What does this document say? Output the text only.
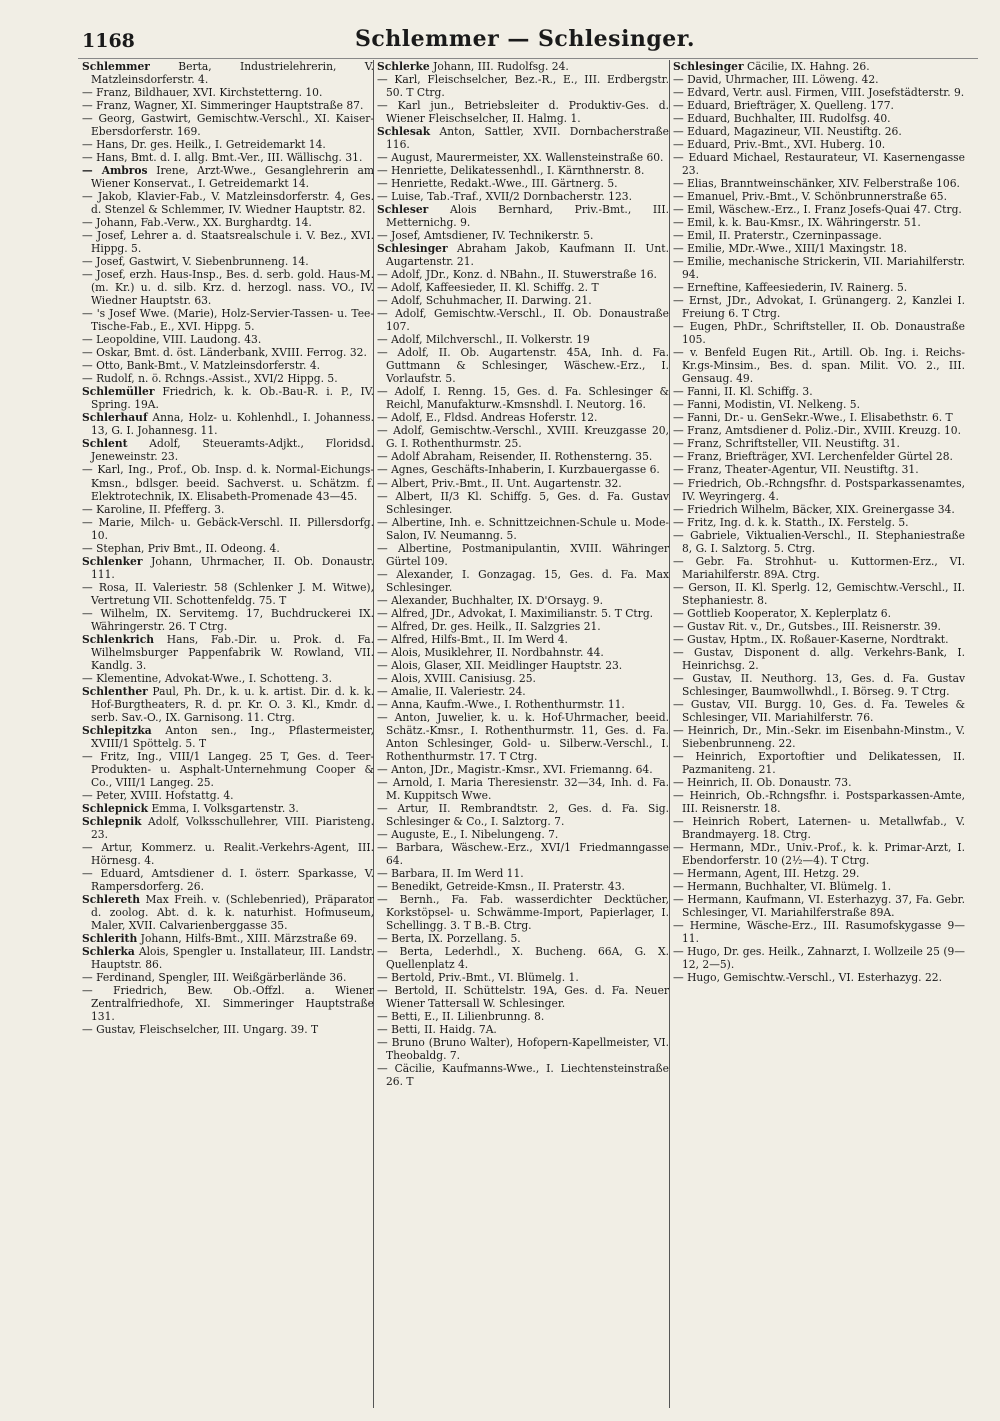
1168	Schlemmer — Schlesinger.
Schlemmer Berta, Industrielehrerin, V. Matzleinsdorferstr. 4.
— Franz, Bildhauer, XVI. Kirchstetterng. 10.
— Franz, Wagner, XI. Simmeringer Hauptstraße 87.
— Georg, Gastwirt, Gemischtw.-Verschl., XI. Kaiser-Ebersdorferstr. 169.
— Hans, Dr. ges. Heilk., I. Getreidemarkt 14.
— Hans, Bmt. d. I. allg. Bmt.-Ver., III. Wällischg. 31.
— Ambros Irene, Arzt-Wwe., Gesanglehrerin am Wiener Konservat., I. Getreidemarkt 14.
— Jakob, Klavier-Fab., V. Matzleinsdorferstr. 4, Ges. d. Stenzel & Schlemmer, IV. Wiedner Hauptstr. 82.
— Johann, Fab.-Verw., XX. Burghardtg. 14.
— Josef, Lehrer a. d. Staatsrealschule i. V. Bez., XVI. Hippg. 5.
— Josef, Gastwirt, V. Siebenbrunneng. 14.
— Josef, erzh. Haus-Insp., Bes. d. serb. gold. Haus-M. (m. Kr.) u. d. silb. Krz. d. herzogl. nass. VO., IV. Wiedner Hauptstr. 63.
— 's Josef Wwe. (Marie), Holz-Servier-Tassen- u. Tee-Tische-Fab., E., XVI. Hippg. 5.
— Leopoldine, VIII. Laudong. 43.
— Oskar, Bmt. d. öst. Länderbank, XVIII. Ferrog. 32.
— Otto, Bank-Bmt., V. Matzleinsdorferstr. 4.
— Rudolf, n. ö. Rchngs.-Assist., XVI/2 Hippg. 5.
Schlemüller Friedrich, k. k. Ob.-Bau-R. i. P., IV. Spring. 19A.
Schlerhauf Anna, Holz- u. Kohlenhdl., I. Johanness. 13, G. I. Johannesg. 11.
Schlent Adolf, Steueramts-Adjkt., Floridsd. Jeneweinstr. 23.
— Karl, Ing., Prof., Ob. Insp. d. k. Normal-Eichungs-Kmsn., bdlsger. beeid. Sachverst. u. Schätzm. f. Elektrotechnik, IX. Elisabeth-Promenade 43—45.
— Karoline, II. Pfefferg. 3.
— Marie, Milch- u. Gebäck-Verschl. II. Pillersdorfg. 10.
— Stephan, Priv Bmt., II. Odeong. 4.
Schlenker Johann, Uhrmacher, II. Ob. Donaustr. 111.
— Rosa, II. Valeriestr. 58 (Schlenker J. M. Witwe), Vertretung VII. Schottenfeldg. 75. T
— Wilhelm, IX. Servitemg. 17, Buchdruckerei IX. Währingerstr. 26. T Ctrg.
Schlenkrich Hans, Fab.-Dir. u. Prok. d. Fa. Wilhelmsburger Pappenfabrik W. Rowland, VII. Kandlg. 3.
— Klementine, Advokat-Wwe., I. Schotteng. 3.
Schlenther Paul, Ph. Dr., k. u. k. artist. Dir. d. k. k. Hof-Burgtheaters, R. d. pr. Kr. O. 3. Kl., Kmdr. d. serb. Sav.-O., IX. Garnisong. 11. Ctrg.
Schlepitzka Anton sen., Ing., Pflastermeister, XVIII/1 Spöttelg. 5. T
— Fritz, Ing., VIII/1 Langeg. 25 T, Ges. d. Teer-Produkten- u. Asphalt-Unternehmung Cooper & Co., VIII/1 Langeg. 25.
— Peter, XVIII. Hofstattg. 4.
Schlepnick Emma, I. Volksgartenstr. 3.
Schlepnik Adolf, Volksschullehrer, VIII. Piaristeng. 23.
— Artur, Kommerz. u. Realit.-Verkehrs-Agent, III. Hörnesg. 4.
— Eduard, Amtsdiener d. I. österr. Sparkasse, V. Rampersdorferg. 26.
Schlereth Max Freih. v. (Schlebenried), Präparator d. zoolog. Abt. d. k. k. naturhist. Hofmuseum, Maler, XVII. Calvarienberggasse 35.
Schlerith Johann, Hilfs-Bmt., XIII. Märzstraße 69.
Schlerka Alois, Spengler u. Installateur, III. Landstr. Hauptstr. 86.
— Ferdinand, Spengler, III. Weißgärberlände 36.
— Friedrich, Bew. Ob.-Offzl. a. Wiener Zentralfriedhofe, XI. Simmeringer Hauptstraße 131.
— Gustav, Fleischselcher, III. Ungarg. 39. T
Schlerke Johann, III. Rudolfsg. 24.
— Karl, Fleischselcher, Bez.-R., E., III. Erdbergstr. 50. T Ctrg.
— Karl jun., Betriebsleiter d. Produktiv-Ges. d. Wiener Fleischselcher, II. Halmg. 1.
Schlesak Anton, Sattler, XVII. Dornbacherstraße 116.
— August, Maurermeister, XX. Wallensteinstraße 60.
— Henriette, Delikatessenhdl., I. Kärnthnerstr. 8.
— Henriette, Redakt.-Wwe., III. Gärtnerg. 5.
— Luise, Tab.-Traf., XVII/2 Dornbacherstr. 123.
Schleser Alois Bernhard, Priv.-Bmt., III. Metternichg. 9.
— Josef, Amtsdiener, IV. Technikerstr. 5.
Schlesinger Abraham Jakob, Kaufmann II. Unt. Augartenstr. 21.
— Adolf, JDr., Konz. d. NBahn., II. Stuwerstraße 16.
— Adolf, Kaffeesieder, II. Kl. Schiffg. 2. T
— Adolf, Schuhmacher, II. Darwing. 21.
— Adolf, Gemischtw.-Verschl., II. Ob. Donaustraße 107.
— Adolf, Milchverschl., II. Volkerstr. 19
— Adolf, II. Ob. Augartenstr. 45A, Inh. d. Fa. Guttmann & Schlesinger, Wäschew.-Erz., I. Vorlaufstr. 5.
— Adolf, I. Renng. 15, Ges. d. Fa. Schlesinger & Reichl, Manufakturw.-Kmsnshdl. I. Neutorg. 16.
— Adolf, E., Fldsd. Andreas Hoferstr. 12.
— Adolf, Gemischtw.-Verschl., XVIII. Kreuzgasse 20, G. I. Rothenthurmstr. 25.
— Adolf Abraham, Reisender, II. Rothensterng. 35.
— Agnes, Geschäfts-Inhaberin, I. Kurzbauergasse 6.
— Albert, Priv.-Bmt., II. Unt. Augartenstr. 32.
— Albert, II/3 Kl. Schiffg. 5, Ges. d. Fa. Gustav Schlesinger.
— Albertine, Inh. e. Schnittzeichnen-Schule u. Mode-Salon, IV. Neumanng. 5.
— Albertine, Postmanipulantin, XVIII. Währinger Gürtel 109.
— Alexander, I. Gonzagag. 15, Ges. d. Fa. Max Schlesinger.
— Alexander, Buchhalter, IX. D'Orsayg. 9.
— Alfred, JDr., Advokat, I. Maximilianstr. 5. T Ctrg.
— Alfred, Dr. ges. Heilk., II. Salzgries 21.
— Alfred, Hilfs-Bmt., II. Im Werd 4.
— Alois, Musiklehrer, II. Nordbahnstr. 44.
— Alois, Glaser, XII. Meidlinger Hauptstr. 23.
— Alois, XVIII. Canisiusg. 25.
— Amalie, II. Valeriestr. 24.
— Anna, Kaufm.-Wwe., I. Rothenthurmstr. 11.
— Anton, Juwelier, k. u. k. Hof-Uhrmacher, beeid. Schätz.-Kmsr., I. Rothenthurmstr. 11, Ges. d. Fa. Anton Schlesinger, Gold- u. Silberw.-Verschl., I. Rothenthurmstr. 17. T Ctrg.
— Anton, JDr., Magistr.-Kmsr., XVI. Friemanng. 64.
— Arnold, I. Maria Theresienstr. 32—34, Inh. d. Fa. M. Kuppitsch Wwe.
— Artur, II. Rembrandtstr. 2, Ges. d. Fa. Sig. Schlesinger & Co., I. Salztorg. 7.
— Auguste, E., I. Nibelungeng. 7.
— Barbara, Wäschew.-Erz., XVI/1 Friedmanngasse 64.
— Barbara, II. Im Werd 11.
— Benedikt, Getreide-Kmsn., II. Praterstr. 43.
— Bernh., Fa. Fab. wasserdichter Decktücher, Korkstöpsel- u. Schwämme-Import, Papierlager, I. Schellingg. 3. T B.-B. Ctrg.
— Berta, IX. Porzellang. 5.
— Berta, Lederhdl., X. Bucheng. 66A, G. X. Quellenplatz 4.
— Bertold, Priv.-Bmt., VI. Blümelg. 1.
— Bertold, II. Schüttelstr. 19A, Ges. d. Fa. Neuer Wiener Tattersall W. Schlesinger.
— Betti, E., II. Lilienbrunng. 8.
— Betti, II. Haidg. 7A.
— Bruno (Bruno Walter), Hofopern-Kapellmeister, VI. Theobaldg. 7.
— Cäcilie, Kaufmanns-Wwe., I. Liechtensteinstraße 26. T
Schlesinger Cäcilie, IX. Hahng. 26.
— David, Uhrmacher, III. Löweng. 42.
— Edvard, Vertr. ausl. Firmen, VIII. Josefstädterstr. 9.
— Eduard, Briefträger, X. Quelleng. 177.
— Eduard, Buchhalter, III. Rudolfsg. 40.
— Eduard, Magazineur, VII. Neustiftg. 26.
— Eduard, Priv.-Bmt., XVI. Huberg. 10.
— Eduard Michael, Restaurateur, VI. Kasernengasse 23.
— Elias, Branntweinschänker, XIV. Felberstraße 106.
— Emanuel, Priv.-Bmt., V. Schönbrunnerstraße 65.
— Emil, Wäschew.-Erz., I. Franz Josefs-Quai 47. Ctrg.
— Emil, k. k. Bau-Kmsr., IX. Währingerstr. 51.
— Emil, II. Praterstr., Czerninpassage.
— Emilie, MDr.-Wwe., XIII/1 Maxingstr. 18.
— Emilie, mechanische Strickerin, VII. Mariahilferstr. 94.
— Erneftine, Kaffeesiederin, IV. Rainerg. 5.
— Ernst, JDr., Advokat, I. Grünangerg. 2, Kanzlei I. Freiung 6. T Ctrg.
— Eugen, PhDr., Schriftsteller, II. Ob. Donaustraße 105.
— v. Benfeld Eugen Rit., Artill. Ob. Ing. i. Reichs-Kr.gs-Minsim., Bes. d. span. Milit. VO. 2., III. Gensaug. 49.
— Fanni, II. Kl. Schiffg. 3.
— Fanni, Modistin, VI. Nelkeng. 5.
— Fanni, Dr.- u. GenSekr.-Wwe., I. Elisabethstr. 6. T
— Franz, Amtsdiener d. Poliz.-Dir., XVIII. Kreuzg. 10.
— Franz, Schriftsteller, VII. Neustiftg. 31.
— Franz, Briefträger, XVI. Lerchenfelder Gürtel 28.
— Franz, Theater-Agentur, VII. Neustiftg. 31.
— Friedrich, Ob.-Rchngsfhr. d. Postsparkassenamtes, IV. Weyringerg. 4.
— Friedrich Wilhelm, Bäcker, XIX. Greinergasse 34.
— Fritz, Ing. d. k. k. Statth., IX. Ferstelg. 5.
— Gabriele, Viktualien-Verschl., II. Stephaniestraße 8, G. I. Salztorg. 5. Ctrg.
— Gebr. Fa. Strohhut- u. Kuttormen-Erz., VI. Mariahilferstr. 89A. Ctrg.
— Gerson, II. Kl. Sperlg. 12, Gemischtw.-Verschl., II. Stephaniestr. 8.
— Gottlieb Kooperator, X. Keplerplatz 6.
— Gustav Rit. v., Dr., Gutsbes., III. Reisnerstr. 39.
— Gustav, Hptm., IX. Roßauer-Kaserne, Nordtrakt.
— Gustav, Disponent d. allg. Verkehrs-Bank, I. Heinrichsg. 2.
— Gustav, II. Neuthorg. 13, Ges. d. Fa. Gustav Schlesinger, Baumwollwhdl., I. Börseg. 9. T Ctrg.
— Gustav, VII. Burgg. 10, Ges. d. Fa. Teweles & Schlesinger, VII. Mariahilferstr. 76.
— Heinrich, Dr., Min.-Sekr. im Eisenbahn-Minstm., V. Siebenbrunneng. 22.
— Heinrich, Exportoftier und Delikatessen, II. Pazmaniteng. 21.
— Heinrich, II. Ob. Donaustr. 73.
— Heinrich, Ob.-Rchngsfhr. i. Postsparkassen-Amte, III. Reisnerstr. 18.
— Heinrich Robert, Laternen- u. Metallwfab., V. Brandmayerg. 18. Ctrg.
— Hermann, MDr., Univ.-Prof., k. k. Primar-Arzt, I. Ebendorferstr. 10 (2½—4). T Ctrg.
— Hermann, Agent, III. Hetzg. 29.
— Hermann, Buchhalter, VI. Blümelg. 1.
— Hermann, Kaufmann, VI. Esterhazyg. 37, Fa. Gebr. Schlesinger, VI. Mariahilferstraße 89A.
— Hermine, Wäsche-Erz., III. Rasumofskygasse 9—11.
— Hugo, Dr. ges. Heilk., Zahnarzt, I. Wollzeile 25 (9—12, 2—5).
— Hugo, Gemischtw.-Verschl., VI. Esterhazyg. 22.
